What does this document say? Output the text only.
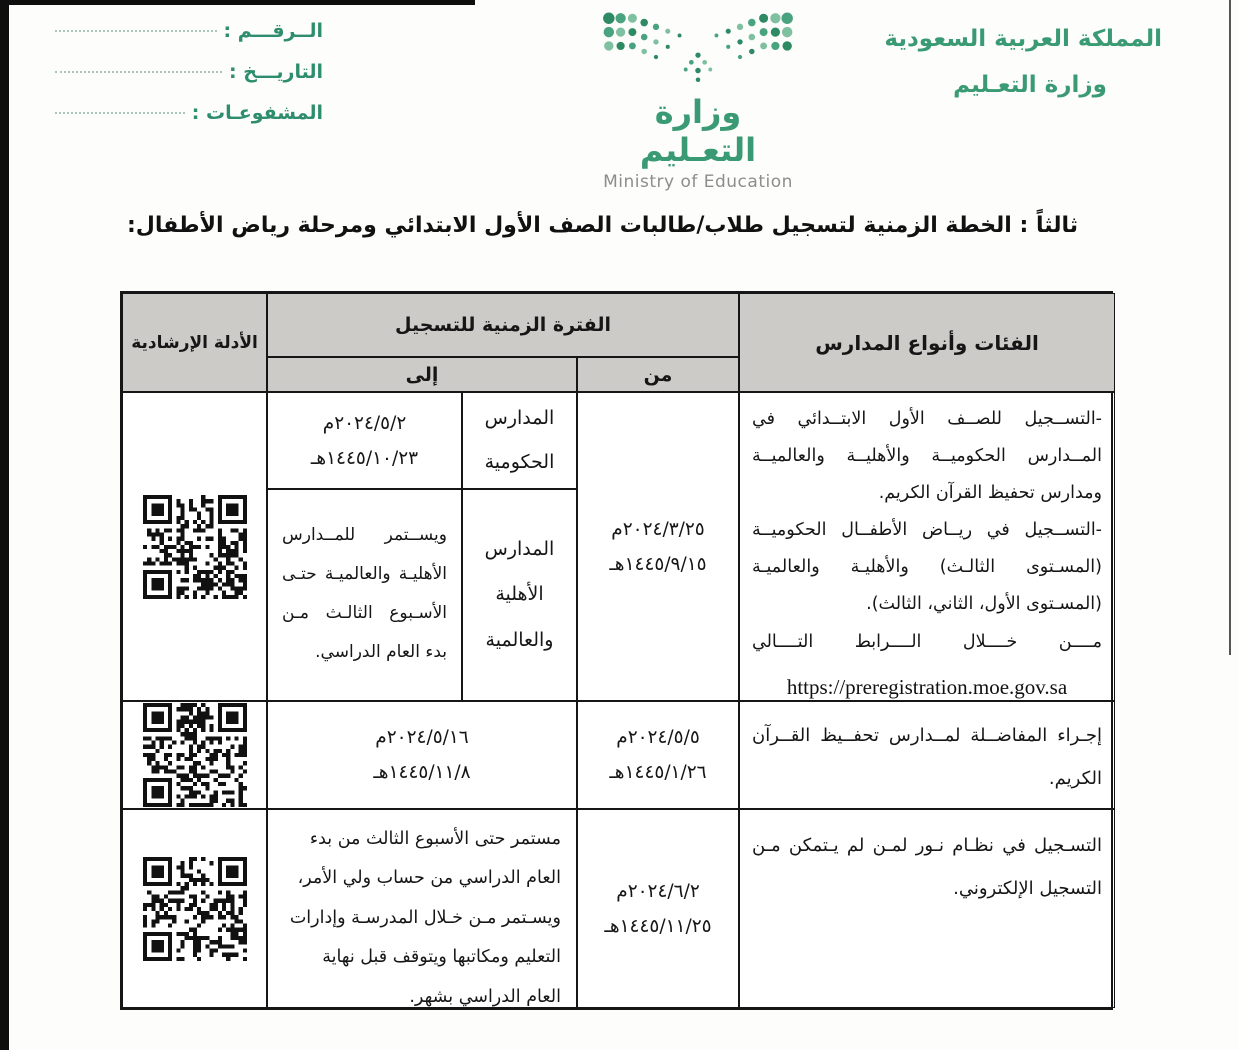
الــرقـــم :
التاريـــخ :
المشفوعـات :
المملكة العربية السعودية
وزارة التعـليم
وزارة التعـليم
Ministry of Education
ثالثاً : الخطة الزمنية لتسجيل طلاب/طالبات الصف الأول الابتدائي ومرحلة رياض الأطفال:
الأدلة الإرشادية
الفترة الزمنية للتسجيل
إلى	من
الفئات وأنواع المدارس
٢٠٢٤/٥/٢م
١٤٤٥/١٠/٢٣هـ
المدارس الحكومية
ويســتمر للمــدارس الأهليـة والعالميـة حتـى الأسـبوع الثالـث مـن بدء العام الدراسي.
المدارس الأهلية والعالمية
٢٠٢٤/٣/٢٥م
١٤٤٥/٩/١٥هـ

-التســجيل للصــف الأول الابتــدائي في المــدارس الحكوميــة والأهليــة والعالميــة ومدارس تحفيظ القرآن الكريم.

-التســجيل في ريــاض الأطفــال الحكوميــة (المسـتوى الثالـث) والأهليـة والعالميـة (المسـتوى الأول، الثاني، الثالث).

مــــن خــــلال الــــرابط التــــالي

https://preregistration.moe.gov.sa
٢٠٢٤/٥/١٦م
١٤٤٥/١١/٨هـ
٢٠٢٤/٥/٥م
١٤٤٥/١/٢٦هـ

إجـراء المفاضــلة لمــدارس تحفــيظ القــرآن الكريم.

مستمر حتى الأسبوع الثالث من بدء العام الدراسي من حساب ولي الأمر، ويسـتمر مـن خـلال المدرسـة وإدارات التعليم ومكاتبها ويتوقف قبل نهاية العام الدراسي بشهر.
٢٠٢٤/٦/٢م
١٤٤٥/١١/٢٥هـ

التسـجيل في نظـام نـور لمـن لم يـتمكن مـن التسجيل الإلكتروني.
